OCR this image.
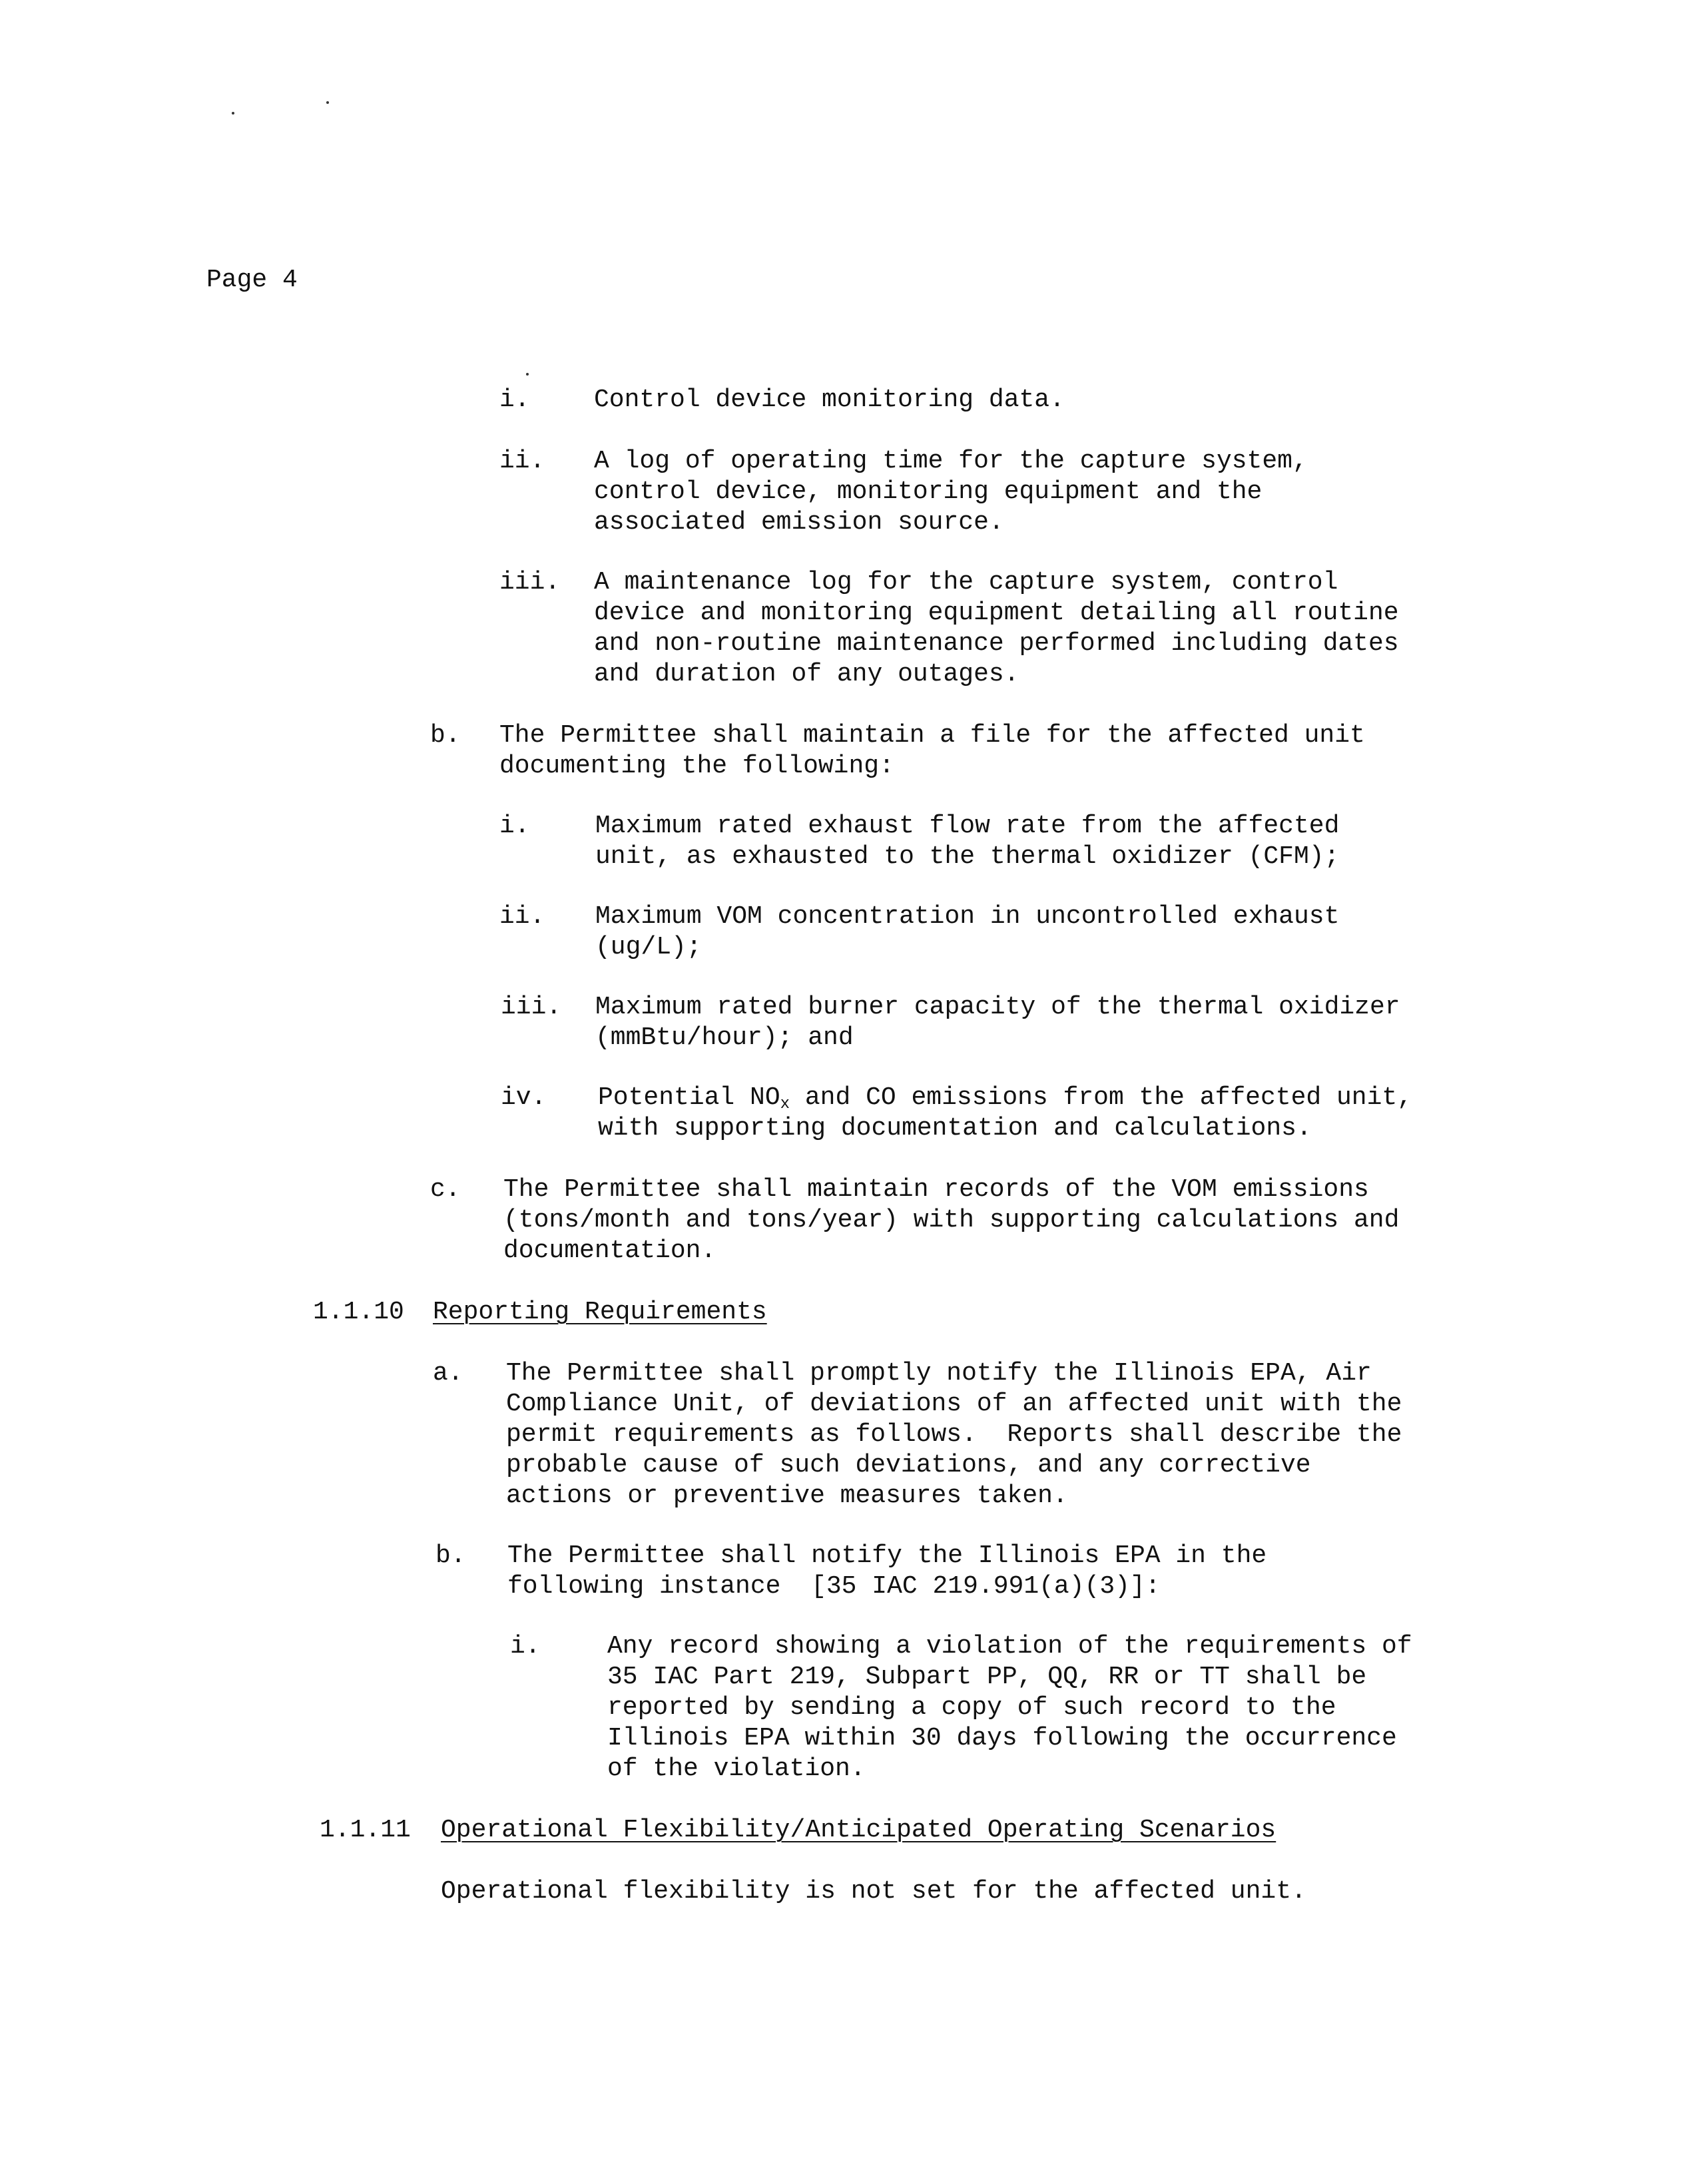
Page 4
i.	Control device monitoring data.
ii. A log of operating time for the capture system,
control device, monitoring equipment and the
associated emission source.
iii. A maintenance log for the capture system, control
device and monitoring equipment detailing all routine
and non-routine maintenance performed including dates
and duration of any outages.
b. The Permittee shall maintain a file for the affected unit
documenting the following:
i.	Maximum rated exhaust flow rate from the affected
unit, as exhausted to the thermal oxidizer (CFM);
ii. Maximum VOM concentration in uncontrolled exhaust
(ug/L);
iii. Maximum rated burner capacity of the thermal oxidizer
(mmBtu/hour); and
iv. Potential $NO_x$ and CO emissions from the affected unit,
with supporting documentation and calculations.
c. The Permittee shall maintain records of the VOM emissions
(tons/month and tons/year) with supporting calculations and
documentation.
1.1.10 Reporting Requirements
a. The Permittee shall promptly notify the Illinois EPA, Air
Compliance Unit, of deviations of an affected unit with the
permit requirements as follows.  Reports shall describe the
probable cause of such deviations, and any corrective
actions or preventive measures taken.
b. The Permittee shall notify the Illinois EPA in the
following instance  [35 IAC 219.991(a)(3)]:
i.	Any record showing a violation of the requirements of
35 IAC Part 219, Subpart PP, QQ, RR or TT shall be
reported by sending a copy of such record to the
Illinois EPA within 30 days following the occurrence
of the violation.
1.1.11 Operational Flexibility/Anticipated Operating Scenarios
Operational flexibility is not set for the affected unit.
